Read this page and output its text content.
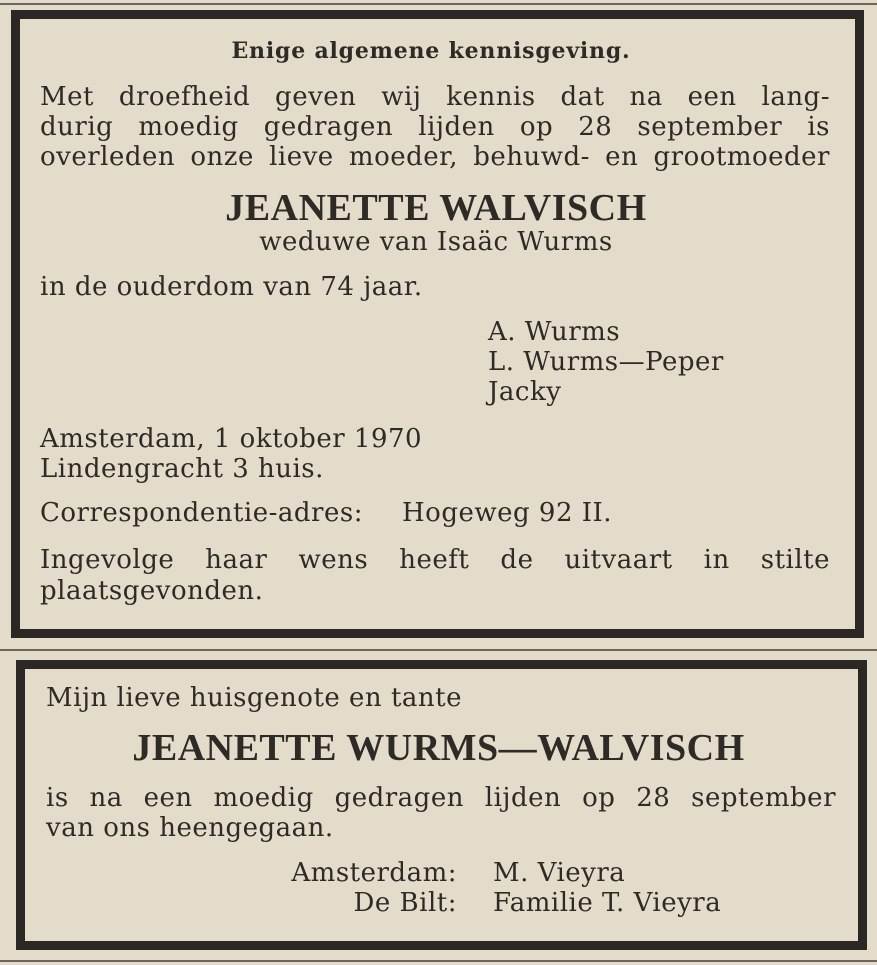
Enige algemene kennisgeving.
Met droefheid geven wij kennis dat na een lang-
durig moedig gedragen lijden op 28 september is
overleden onze lieve moeder, behuwd- en grootmoeder
JEANETTE WALVISCH
weduwe van Isaäc Wurms
in de ouderdom van 74 jaar.
A. Wurms
L. Wurms—Peper
Jacky
Amsterdam, 1 oktober 1970
Lindengracht 3 huis.
Correspondentie-adres: Hogeweg 92 II.
Ingevolge haar wens heeft de uitvaart in stilte
plaatsgevonden.
Mijn lieve huisgenote en tante
JEANETTE WURMS—WALVISCH
is na een moedig gedragen lijden op 28 september
van ons heengegaan.
Amsterdam: M. Vieyra
De Bilt: Familie T. Vieyra
